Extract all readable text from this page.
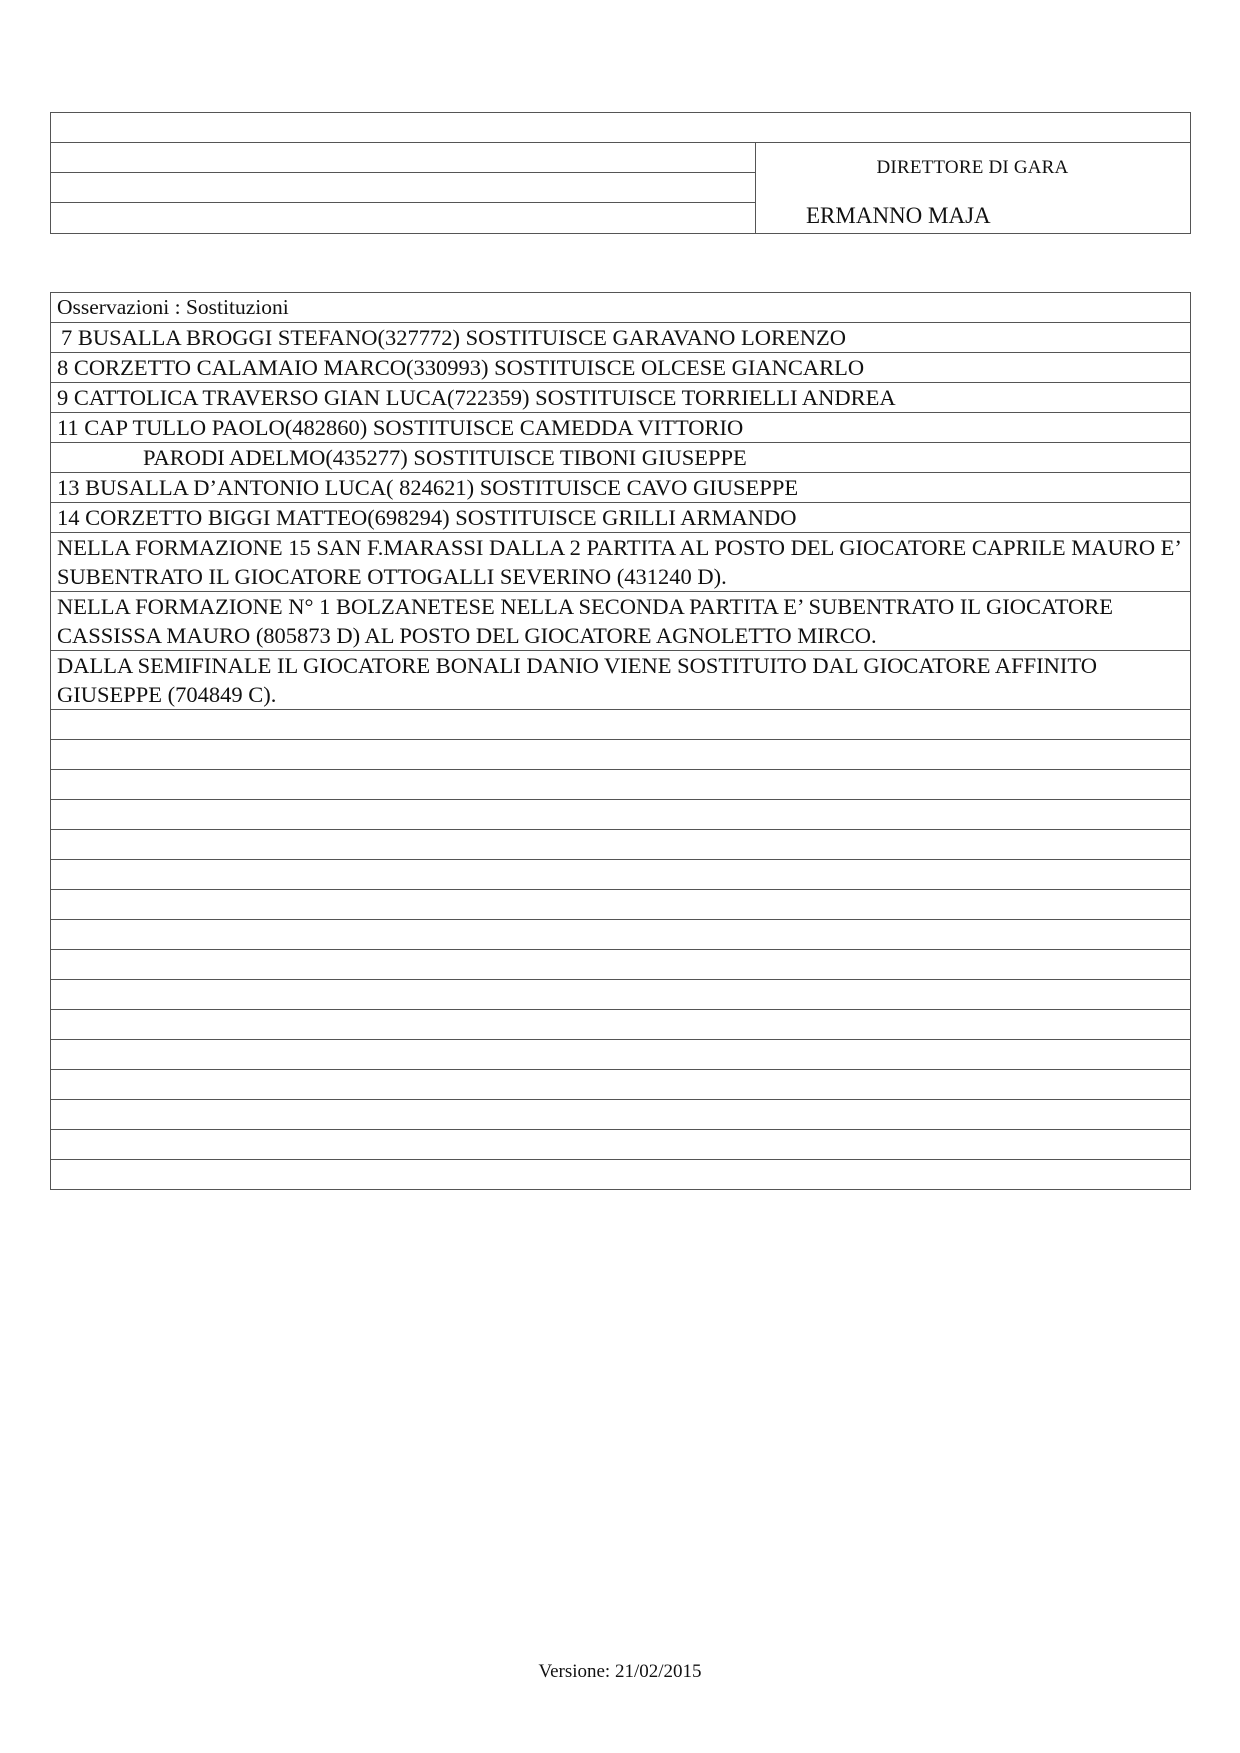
DIRETTORE DI GARA
ERMANNO MAJA
Osservazioni : Sostituzioni
7 BUSALLA BROGGI STEFANO(327772) SOSTITUISCE GARAVANO LORENZO
8 CORZETTO CALAMAIO MARCO(330993) SOSTITUISCE OLCESE GIANCARLO
9 CATTOLICA TRAVERSO GIAN LUCA(722359) SOSTITUISCE TORRIELLI ANDREA
11 CAP TULLO PAOLO(482860) SOSTITUISCE CAMEDDA VITTORIO
PARODI ADELMO(435277) SOSTITUISCE TIBONI GIUSEPPE
13 BUSALLA D’ANTONIO LUCA( 824621) SOSTITUISCE CAVO GIUSEPPE
14 CORZETTO BIGGI MATTEO(698294) SOSTITUISCE GRILLI ARMANDO
NELLA FORMAZIONE 15 SAN F.MARASSI DALLA 2 PARTITA AL POSTO DEL GIOCATORE CAPRILE MAURO E’ SUBENTRATO IL GIOCATORE OTTOGALLI SEVERINO (431240 D).
NELLA FORMAZIONE N° 1 BOLZANETESE NELLA SECONDA PARTITA E’ SUBENTRATO IL GIOCATORE CASSISSA MAURO (805873 D) AL POSTO DEL GIOCATORE AGNOLETTO MIRCO.
DALLA SEMIFINALE IL GIOCATORE BONALI DANIO VIENE SOSTITUITO DAL GIOCATORE AFFINITO GIUSEPPE (704849 C).
Versione: 21/02/2015
